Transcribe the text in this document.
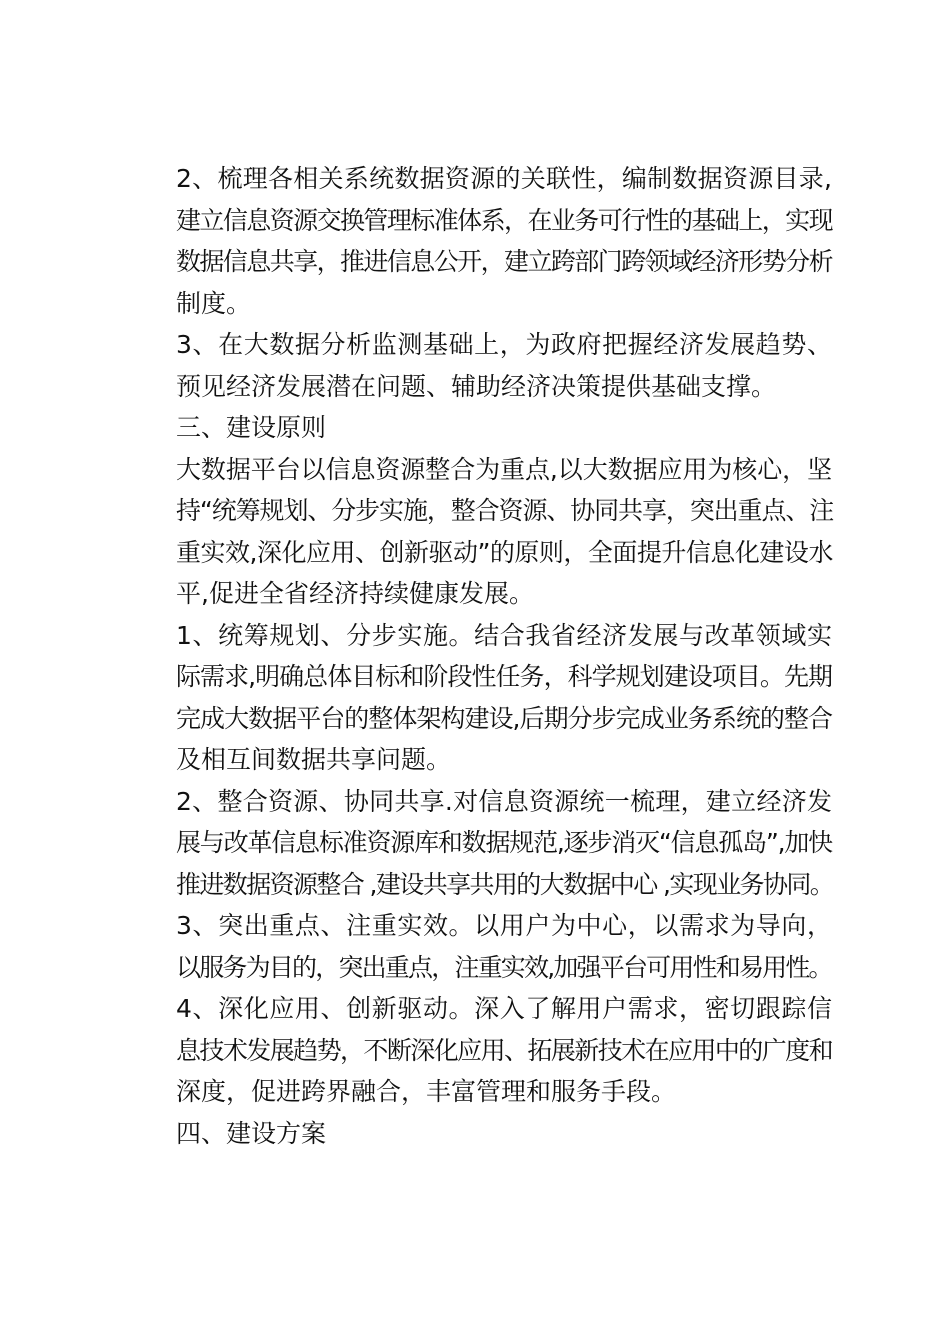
2、梳理各相关系统数据资源的关联性，编制数据资源目录,
建立信息资源交换管理标准体系，在业务可行性的基础上，实现
数据信息共享，推进信息公开，建立跨部门跨领域经济形势分析
制度。
3、在大数据分析监测基础上，为政府把握经济发展趋势、
预见经济发展潜在问题、辅助经济决策提供基础支撑。
三、建设原则
大数据平台以信息资源整合为重点,以大数据应用为核心，坚
持“统筹规划、分步实施，整合资源、协同共享，突出重点、注
重实效,深化应用、创新驱动”的原则，全面提升信息化建设水
平,促进全省经济持续健康发展。
1、统筹规划、分步实施。结合我省经济发展与改革领域实
际需求,明确总体目标和阶段性任务，科学规划建设项目。先期
完成大数据平台的整体架构建设,后期分步完成业务系统的整合
及相互间数据共享问题。
2、整合资源、协同共享.对信息资源统一梳理，建立经济发
展与改革信息标准资源库和数据规范,逐步消灭“信息孤岛”,加快
推进数据资源整合 ,建设共享共用的大数据中心 ,实现业务协同。
3、突出重点、注重实效。以用户为中心，以需求为导向，
以服务为目的，突出重点，注重实效,加强平台可用性和易用性。
4、深化应用、创新驱动。深入了解用户需求，密切跟踪信
息技术发展趋势，不断深化应用、拓展新技术在应用中的广度和
深度，促进跨界融合，丰富管理和服务手段。
四、建设方案
